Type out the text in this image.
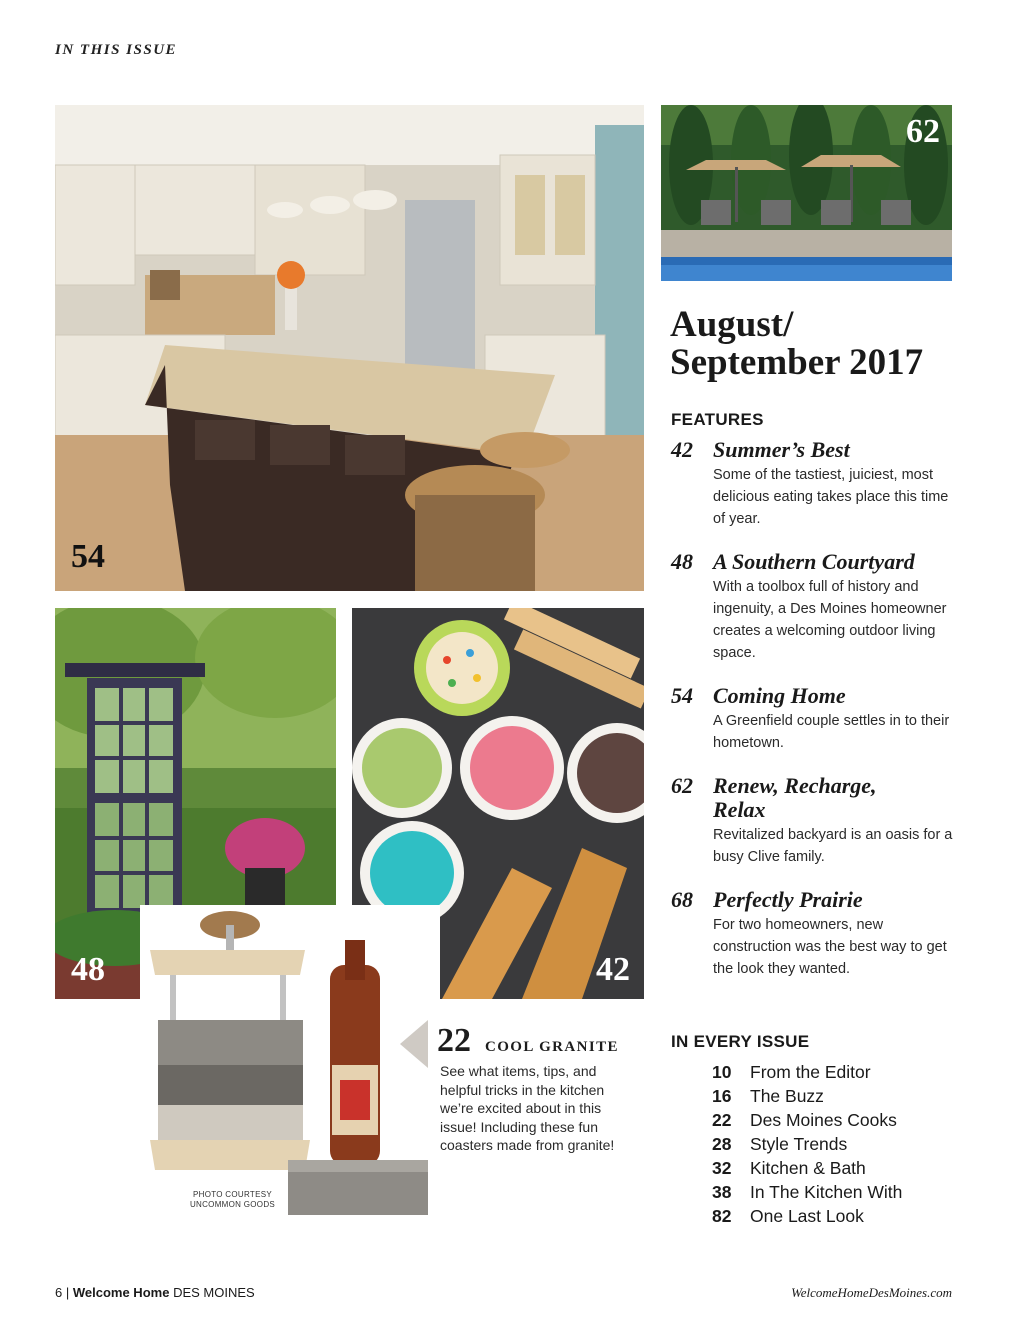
IN THIS ISSUE
54
62
48	42
PHOTO COURTESY
UNCOMMON GOODS
22 COOL GRANITE
See what items, tips, and helpful tricks in the kitchen we’re excited about in this issue! Including these fun coasters made from granite!
August/
September 2017
FEATURES
42 Summer’s Best
Some of the tastiest, juiciest, most delicious eating takes place this time of year.
48 A Southern Courtyard
With a toolbox full of history and ingenuity, a Des Moines homeowner creates a welcoming outdoor living space.
54 Coming Home
A Greenfield couple settles in to their hometown.
62 Renew, Recharge, Relax
Revitalized backyard is an oasis for a busy Clive family.
68 Perfectly Prairie
For two homeowners, new construction was the best way to get the look they wanted.
IN EVERY ISSUE
10	From the Editor
16	The Buzz
22	Des Moines Cooks
28	Style Trends
32	Kitchen & Bath
38	In The Kitchen With
82	One Last Look
6 | Welcome Home DES MOINES	WelcomeHomeDesMoines.com
